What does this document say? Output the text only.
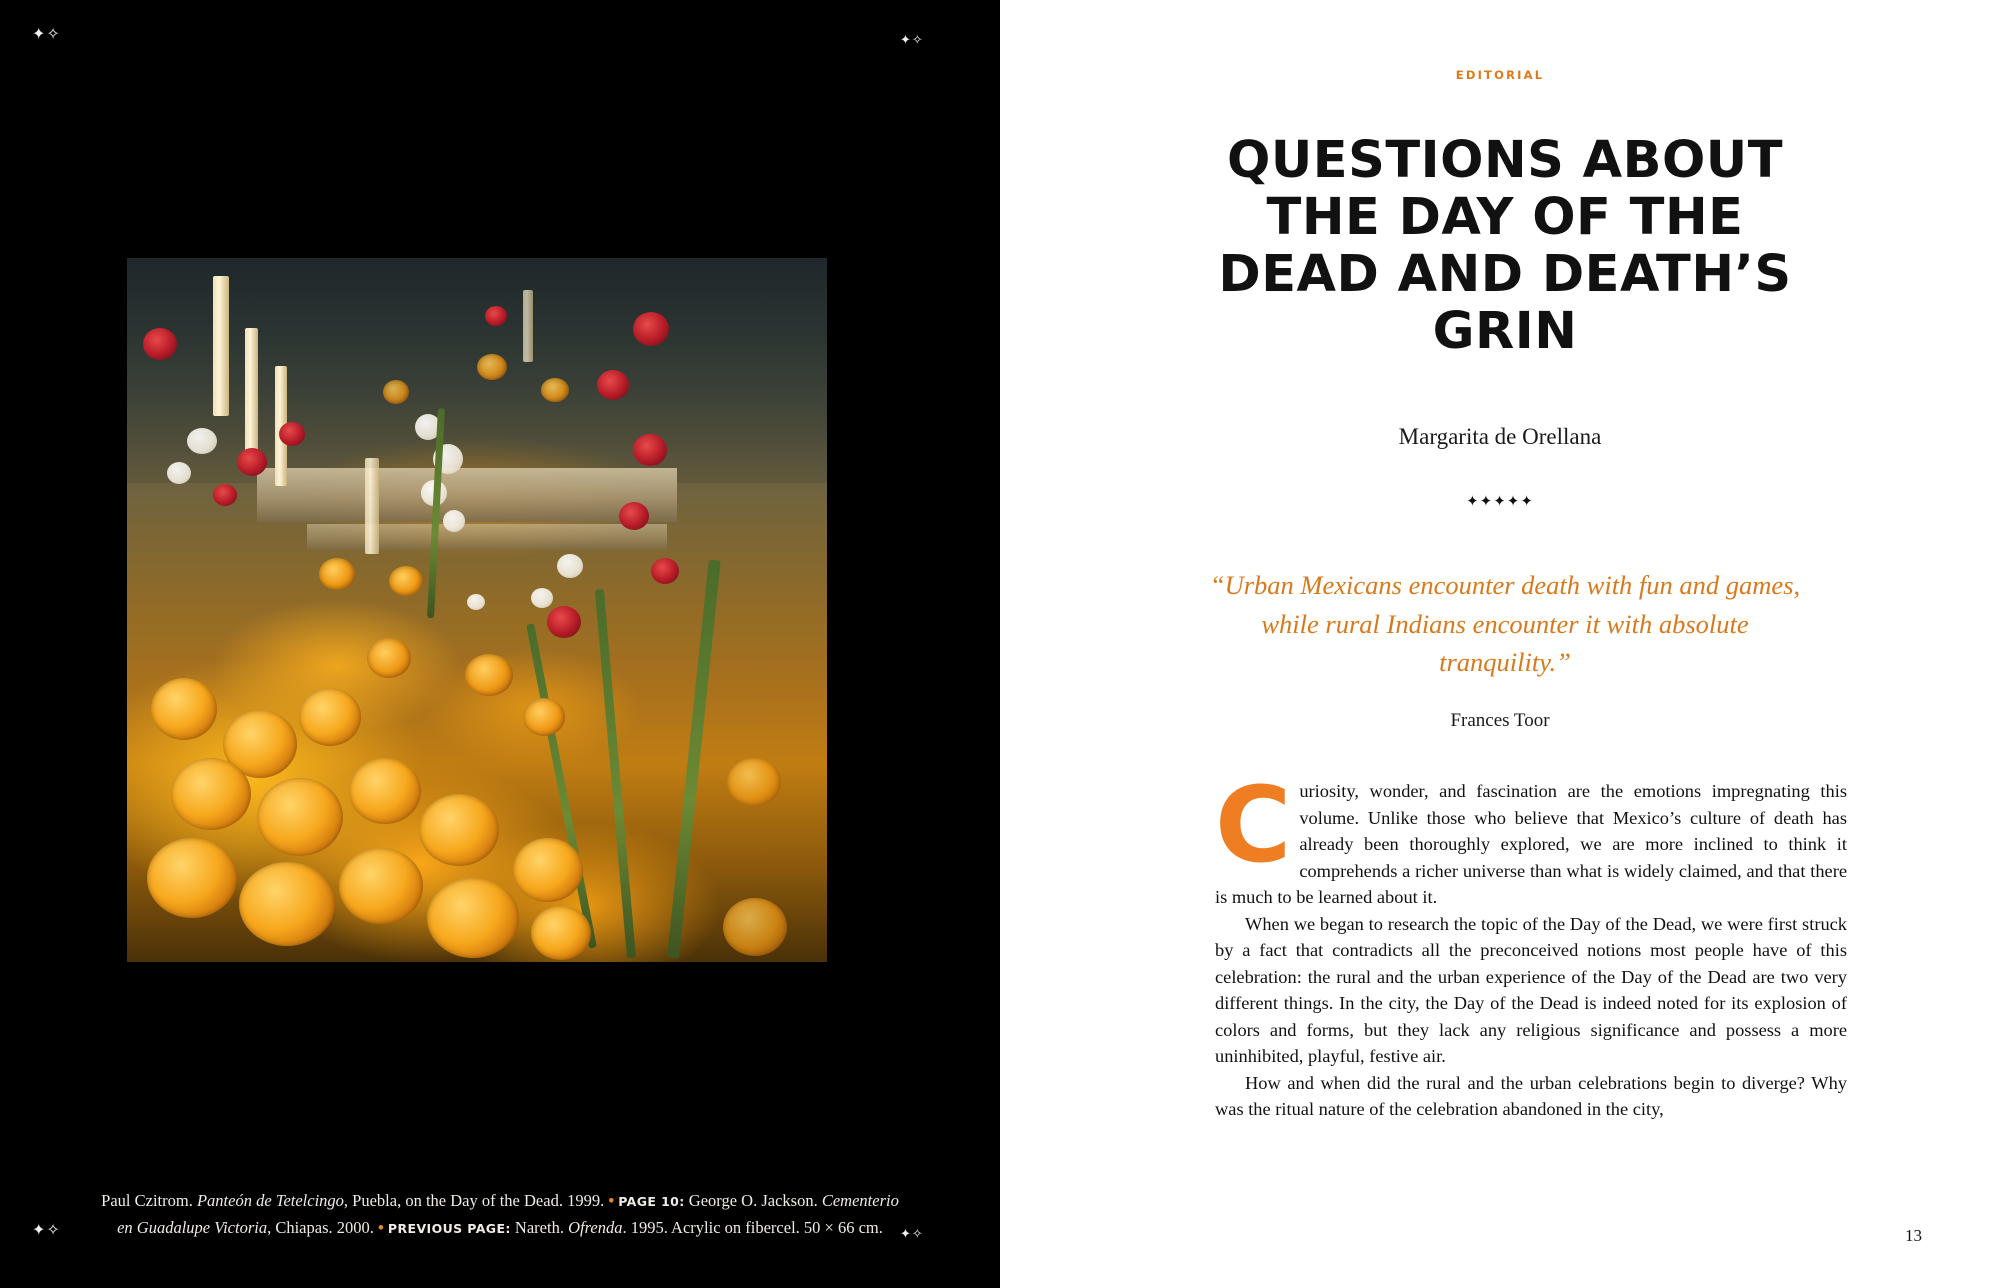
✦✧	✦✧
✦✧	✦✧
Paul Czitrom. Panteón de Tetelcingo, Puebla, on the Day of the Dead. 1999. • PAGE 10: George O. Jackson. Cementerio en Guadalupe Victoria, Chiapas. 2000. • PREVIOUS PAGE: Nareth. Ofrenda. 1995. Acrylic on fibercel. 50 × 66 cm.
EDITORIAL
QUESTIONS ABOUT THE DAY OF THE DEAD AND DEATH’S GRIN
Margarita de Orellana
✦✦✦✦✦
“Urban Mexicans encounter death with fun and games, while rural Indians encounter it with absolute tranquility.”
Frances Toor

Curiosity, wonder, and fascination are the emotions impregnating this volume. Unlike those who believe that Mexico’s culture of death has already been thoroughly explored, we are more inclined to think it comprehends a richer universe than what is widely claimed, and that there is much to be learned about it.

When we began to research the topic of the Day of the Dead, we were first struck by a fact that contradicts all the preconceived notions most people have of this celebration: the rural and the urban experience of the Day of the Dead are two very different things. In the city, the Day of the Dead is indeed noted for its explosion of colors and forms, but they lack any religious significance and possess a more uninhibited, playful, festive air.

How and when did the rural and the urban celebrations begin to diverge? Why was the ritual nature of the celebration abandoned in the city,

13
